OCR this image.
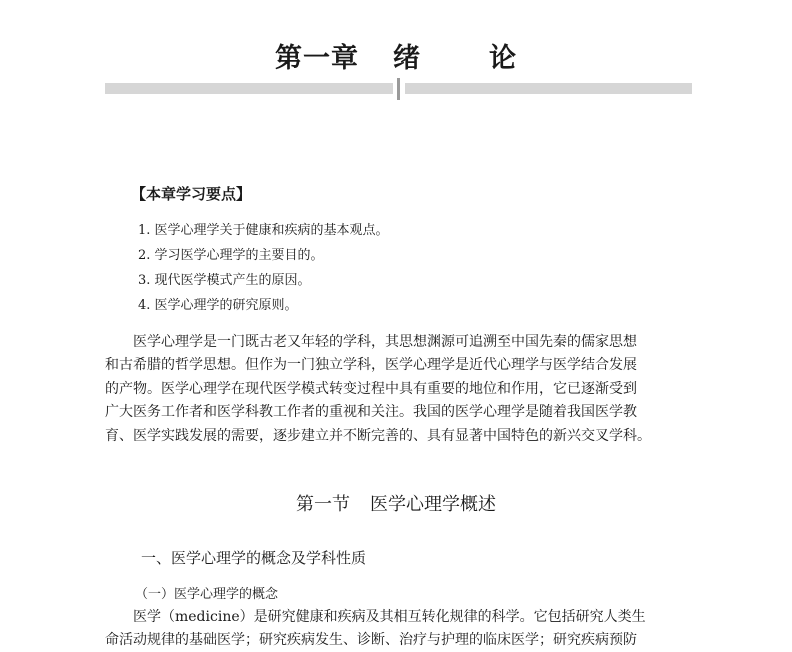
第一章 绪	论
【本章学习要点】
1. 医学心理学关于健康和疾病的基本观点。
2. 学习医学心理学的主要目的。
3. 现代医学模式产生的原因。
4. 医学心理学的研究原则。

　　医学心理学是一门既古老又年轻的学科，其思想渊源可追溯至中国先秦的儒家思想
和古希腊的哲学思想。但作为一门独立学科，医学心理学是近代心理学与医学结合发展
的产物。医学心理学在现代医学模式转变过程中具有重要的地位和作用，它已逐渐受到
广大医务工作者和医学科教工作者的重视和关注。我国的医学心理学是随着我国医学教
育、医学实践发展的需要，逐步建立并不断完善的、具有显著中国特色的新兴交叉学科。

第一节 医学心理学概述
一、医学心理学的概念及学科性质
（一）医学心理学的概念

　　医学（medicine）是研究健康和疾病及其相互转化规律的科学。它包括研究人类生
命活动规律的基础医学；研究疾病发生、诊断、治疗与护理的临床医学；研究疾病预防
